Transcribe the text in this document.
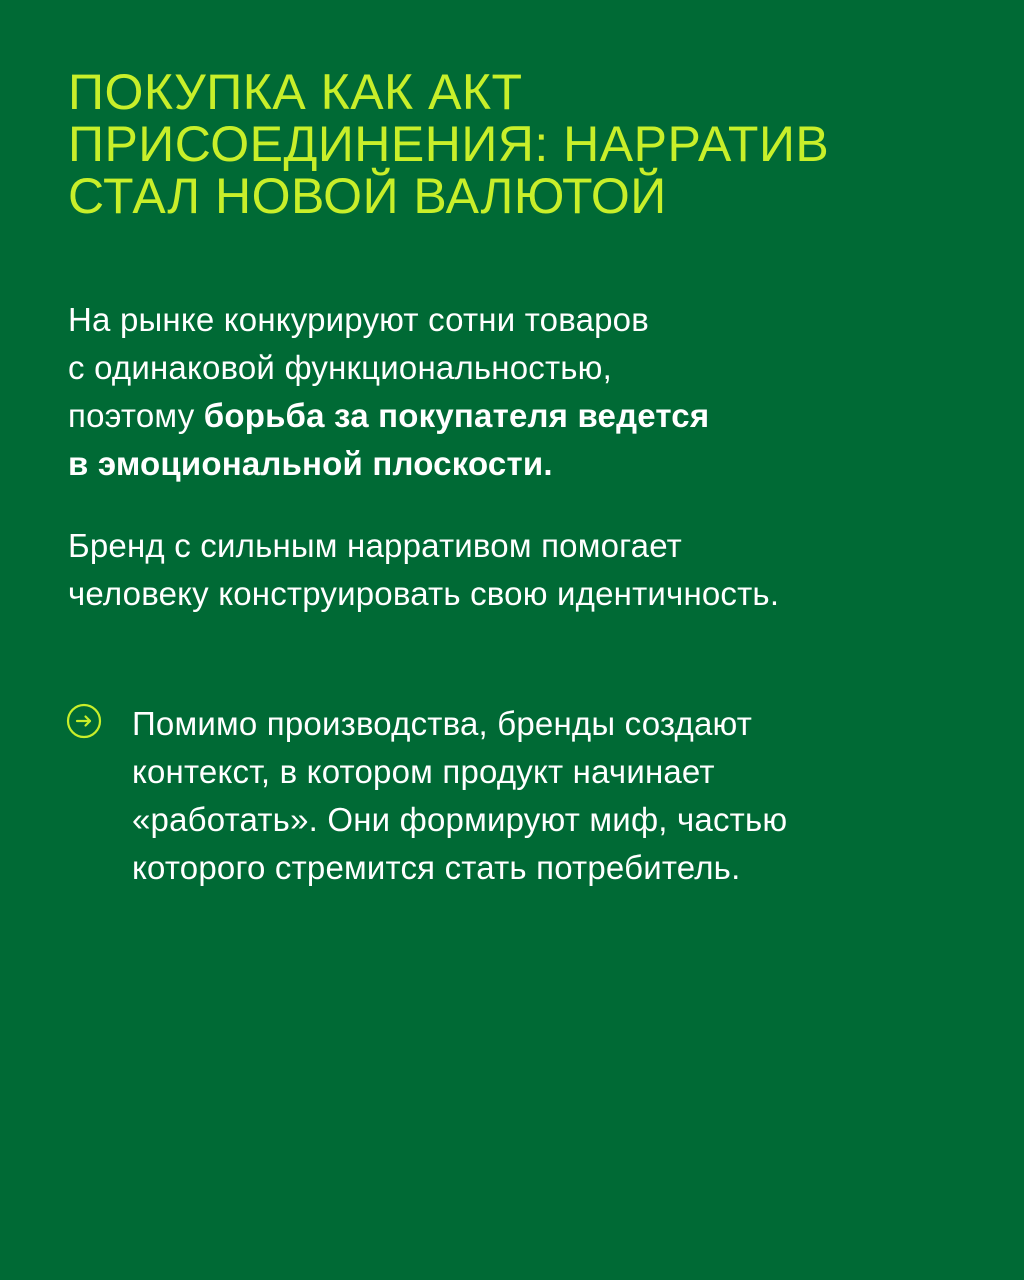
ПОКУПКА КАК АКТ
ПРИСОЕДИНЕНИЯ: НАРРАТИВ
СТАЛ НОВОЙ ВАЛЮТОЙ

На рынке конкурируют сотни товаров
с одинаковой функциональностью,
поэтому борьба за покупателя ведется
в эмоциональной плоскости.

Бренд с сильным нарративом помогает
человеку конструировать свою идентичность.

Помимо производства, бренды создают
контекст, в котором продукт начинает
«работать». Они формируют миф, частью
которого стремится стать потребитель.
